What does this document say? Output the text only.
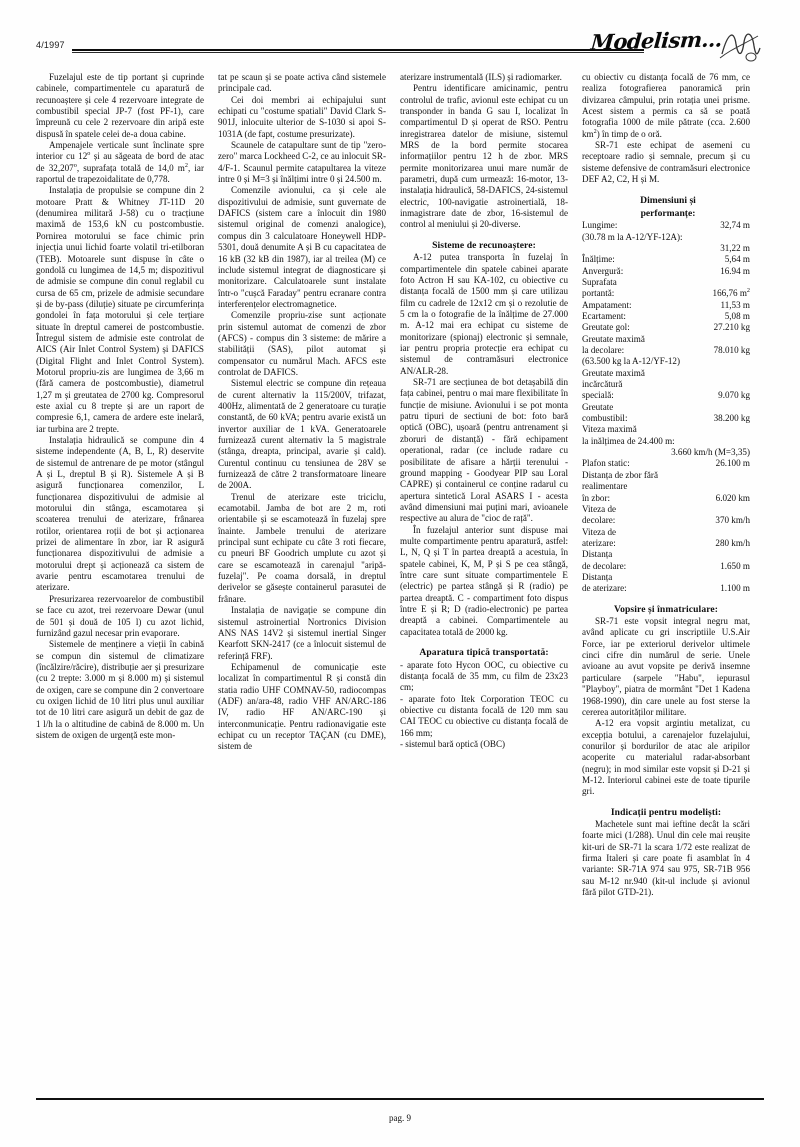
4/1997	Modelism...

Fuzelajul este de tip portant și cuprinde cabinele, compartimentele cu aparatură de recunoaștere și cele 4 rezervoare integrate de combustibil special JP-7 (fost PF-1), care împreună cu cele 2 rezervoare din aripă este dispusă în spatele celei de-a doua cabine.

Ampenajele verticale sunt înclinate spre interior cu 12$^o$ și au săgeata de bord de atac de 32,207$^o$, suprafața totală de 14,0 $m^2$, iar raportul de trapezoidalitate de 0,778.

Instalația de propulsie se compune din 2 motoare Pratt & Whitney JT-11D 20 (denumirea militară J-58) cu o tracțiune maximă de 153,6 kN cu postcombustie. Pornirea motorului se face chimic prin injecția unui lichid foarte volatil tri-etilboran (TEB). Motoarele sunt dispuse în câte o gondolă cu lungimea de 14,5 m; dispozitivul de admisie se compune din conul reglabil cu cursa de 65 cm, prizele de admisie secundare și de by-pass (diluție) situate pe circumferința gondolei în fața motorului și cele terțiare situate în dreptul camerei de postcombustie. Întregul sistem de admisie este controlat de AICS (Air Inlet Control System) și DAFICS (Digital Flight and Inlet Control System). Motorul propriu-zis are lungimea de 3,66 m (fără camera de postcombustie), diametrul 1,27 m și greutatea de 2700 kg. Compresorul este axial cu 8 trepte și are un raport de compresie 6,1, camera de ardere este inelară, iar turbina are 2 trepte.

Instalația hidraulică se compune din 4 sisteme independente (A, B, L, R) deservite de sistemul de antrenare de pe motor (stângul A și L, dreptul B și R). Sistemele A și B asigură funcționarea comenzilor, L funcționarea dispozitivului de admisie al motorului din stânga, escamotarea și scoaterea trenului de aterizare, frânarea rotilor, orientarea roții de bot și acționarea prizei de alimentare în zbor, iar R asigură funcționarea dispozitivului de admisie a motorului drept și acționează ca sistem de avarie pentru escamotarea trenului de aterizare.

Presurizarea rezervoarelor de combustibil se face cu azot, trei rezervoare Dewar (unul de 501 și două de 105 l) cu azot lichid, furnizând gazul necesar prin evaporare.

Sistemele de menținere a vieții în cabină se compun din sistemul de climatizare (încălzire/răcire), distribuție aer și presurizare (cu 2 trepte: 3.000 m și 8.000 m) și sistemul de oxigen, care se compune din 2 convertoare cu oxigen lichid de 10 litri plus unul auxiliar tot de 10 litri care asigură un debit de gaz de 1 l/h la o altitudine de cabină de 8.000 m. Un sistem de oxigen de urgență este mon-

tat pe scaun și se poate activa când sistemele principale cad.

Cei doi membri ai echipajului sunt echipati cu "costume spatiali" David Clark S-901J, inlocuite ulterior de S-1030 si apoi S-1031A (de fapt, costume presurizate).

Scaunele de catapultare sunt de tip "zero-zero" marca Lockheed C-2, ce au inlocuit SR-4/F-1. Scaunul permite catapultarea la viteze intre 0 și M=3 și înălțimi intre 0 și 24.500 m.

Comenzile avionului, ca și cele ale dispozitivului de admisie, sunt guvernate de DAFICS (sistem care a înlocuit din 1980 sistemul original de comenzi analogice), compus din 3 calculatoare Honeywell HDP-5301, două denumite A și B cu capacitatea de 16 kB (32 kB din 1987), iar al treilea (M) ce include sistemul integrat de diagnosticare și monitorizare. Calculatoarele sunt instalate într-o "cușcă Faraday" pentru ecranare contra interferențelor electromagnetice.

Comenzile propriu-zise sunt acționate prin sistemul automat de comenzi de zbor (AFCS) - compus din 3 sisteme: de mărire a stabilității (SAS), pilot automat și compensator cu numărul Mach. AFCS este controlat de DAFICS.

Sistemul electric se compune din rețeaua de curent alternativ la 115/200V, trifazat, 400Hz, alimentată de 2 generatoare cu turație constantă, de 60 kVA; pentru avarie există un invertor auxiliar de 1 kVA. Generatoarele furnizează curent alternativ la 5 magistrale (stânga, dreapta, principal, avarie și cald). Curentul continuu cu tensiunea de 28V se furnizează de către 2 transformatoare lineare de 200A.

Trenul de aterizare este triciclu, ecamotabil. Jamba de bot are 2 m, roti orientabile și se escamotează în fuzelaj spre înainte. Jambele trenului de aterizare principal sunt echipate cu câte 3 roti fiecare, cu pneuri BF Goodrich umplute cu azot și care se escamotează in carenajul "aripă-fuzelaj". Pe coama dorsală, in dreptul derivelor se găsește containerul parasutei de frânare.

Instalația de navigație se compune din sistemul astroinertial Nortronics Division ANS NAS 14V2 și sistemul inertial Singer Kearfott SKN-2417 (ce a înlocuit sistemul de referință FRF).

Echipamenul de comunicație este localizat în compartimentul R și constă din statia radio UHF COMNAV-50, radiocompas (ADF) an/ara-48, radio VHF AN/ARC-186 IV, radio HF AN/ARC-190 și interconmunicație. Pentru radionavigatie este echipat cu un receptor TAÇAN (cu DME), sistem de

aterizare instrumentală (ILS) și radiomarker.

Pentru identificare amicinamic, pentru controlul de trafic, avionul este echipat cu un transponder in banda G sau I, localizat în compartimentul D și operat de RSO. Pentru inregistrarea datelor de misiune, sistemul MRS de la bord permite stocarea informațiilor pentru 12 h de zbor. MRS permite monitorizarea unui mare număr de parametri, după cum urmează: 16-motor, 13-instalația hidraulică, 58-DAFICS, 24-sistemul electric, 100-navigatie astroinertială, 18-inmagistrare date de zbor, 16-sistemul de control al meniului și 20-diverse.

Sisteme de recunoaștere:

A-12 putea transporta în fuzelaj în compartimentele din spatele cabinei aparate foto Actron H sau KA-102, cu obiective cu distanța focală de 1500 mm și care utilizau film cu cadrele de 12x12 cm și o rezolutie de 5 cm la o fotografie de la înălțime de 27.000 m. A-12 mai era echipat cu sisteme de monitorizare (spionaj) electronic și semnale, iar pentru propria protecție era echipat cu sistemul de contramăsuri electronice AN/ALR-28.

SR-71 are secțiunea de bot detașabilă din fața cabinei, pentru o mai mare flexibilitate în funcție de misiune. Avionului i se pot monta patru tipuri de sectiuni de bot: foto bară optică (OBC), ușoară (pentru antrenament și zboruri de distanță) - fără echipament operational, radar (ce include radare cu posibilitate de afisare a hărții terenului - ground mapping - Goodyear PIP sau Loral CAPRE) și containerul ce conține radarul cu apertura sintetică Loral ASARS I - acesta având dimensiuni mai puțini mari, avioanele respective au alura de "cioc de rață".

În fuzelajul anterior sunt dispuse mai multe compartimente pentru aparatură, astfel: L, N, Q și T în partea dreaptă a acestuia, în spatele cabinei, K, M, P și S pe cea stângă, între care sunt situate compartimentele E (electric) pe partea stângă și R (radio) pe partea dreaptă. C - compartiment foto dispus între E și R; D (radio-electronic) pe partea dreaptă a cabinei. Compartimentele au capacitatea totală de 2000 kg.

Aparatura tipică transportată:

- aparate foto Hycon OOC, cu obiective cu distanța focală de 35 mm, cu film de 23x23 cm;

- aparate foto Itek Corporation TEOC cu obiective cu distanta focală de 120 mm sau CAI TEOC cu obiective cu distanța focală de 166 mm;

- sistemul bară optică (OBC)

cu obiectiv cu distanța focală de 76 mm, ce realiza fotografierea panoramică prin divizarea câmpului, prin rotația unei prisme. Acest sistem a permis ca să se poată fotografia 1000 de mile pătrate (cca. 2.600 $km^2$) în timp de o oră.

SR-71 este echipat de asemeni cu receptoare radio și semnale, precum și cu sisteme defensive de contramăsuri electronice DEF A2, C2, H și M.

Dimensiuni și
performanțe:
Lungime:	32,74 m
(30.78 m la A-12/YF-12A):
31,22 m
Înălțime:	5,64 m
Anvergură:	16.94 m
Suprafata
portantă:	166,76 $m^2$
Ampatament:	11,53 m
Ecartament:	5,08 m
Greutate gol:	27.210 kg
Greutate maximă
la decolare:	78.010 kg
(63.500 kg la A-12/YF-12)
Greutate maximă
incărcătură
specială:	9.070 kg
Greutate
combustibil:	38.200 kg
Viteza maximă
la inălțimea de 24.400 m:
3.660 km/h (M=3,35)
Plafon static:	26.100 m
Distanța de zbor fără
realimentare
în zbor:	6.020 km
Viteza de
decolare:	370 km/h
Viteza de
aterizare:	280 km/h
Distanța
de decolare:	1.650 m
Distanța
de aterizare:	1.100 m
Vopsire și înmatriculare:

SR-71 este vopsit integral negru mat, având aplicate cu gri inscriptiile U.S.Air Force, iar pe exteriorul derivelor ultimele cinci cifre din numărul de serie. Unele avioane au avut vopsite pe derivă insemne particulare (sarpele "Habu", iepurasul "Playboy", piatra de mormânt "Det 1 Kadena 1968-1990), din care unele au fost sterse la cererea autorităților militare.

A-12 era vopsit argintiu metalizat, cu excepția botului, a carenajelor fuzelajului, conurilor și bordurilor de atac ale aripilor acoperite cu materialul radar-absorbant (negru); in mod similar este vopsit și D-21 și M-12. Interiorul cabinei este de toate tipurile gri.

Indicații pentru modeliști:

Machetele sunt mai ieftine decât la scări foarte mici (1/288). Unul din cele mai reușite kit-uri de SR-71 la scara 1/72 este realizat de firma Italeri și care poate fi asamblat în 4 variante: SR-71A 974 sau 975, SR-71B 956 sau M-12 nr.940 (kit-ul include și avionul fără pilot GTD-21).

pag. 9
